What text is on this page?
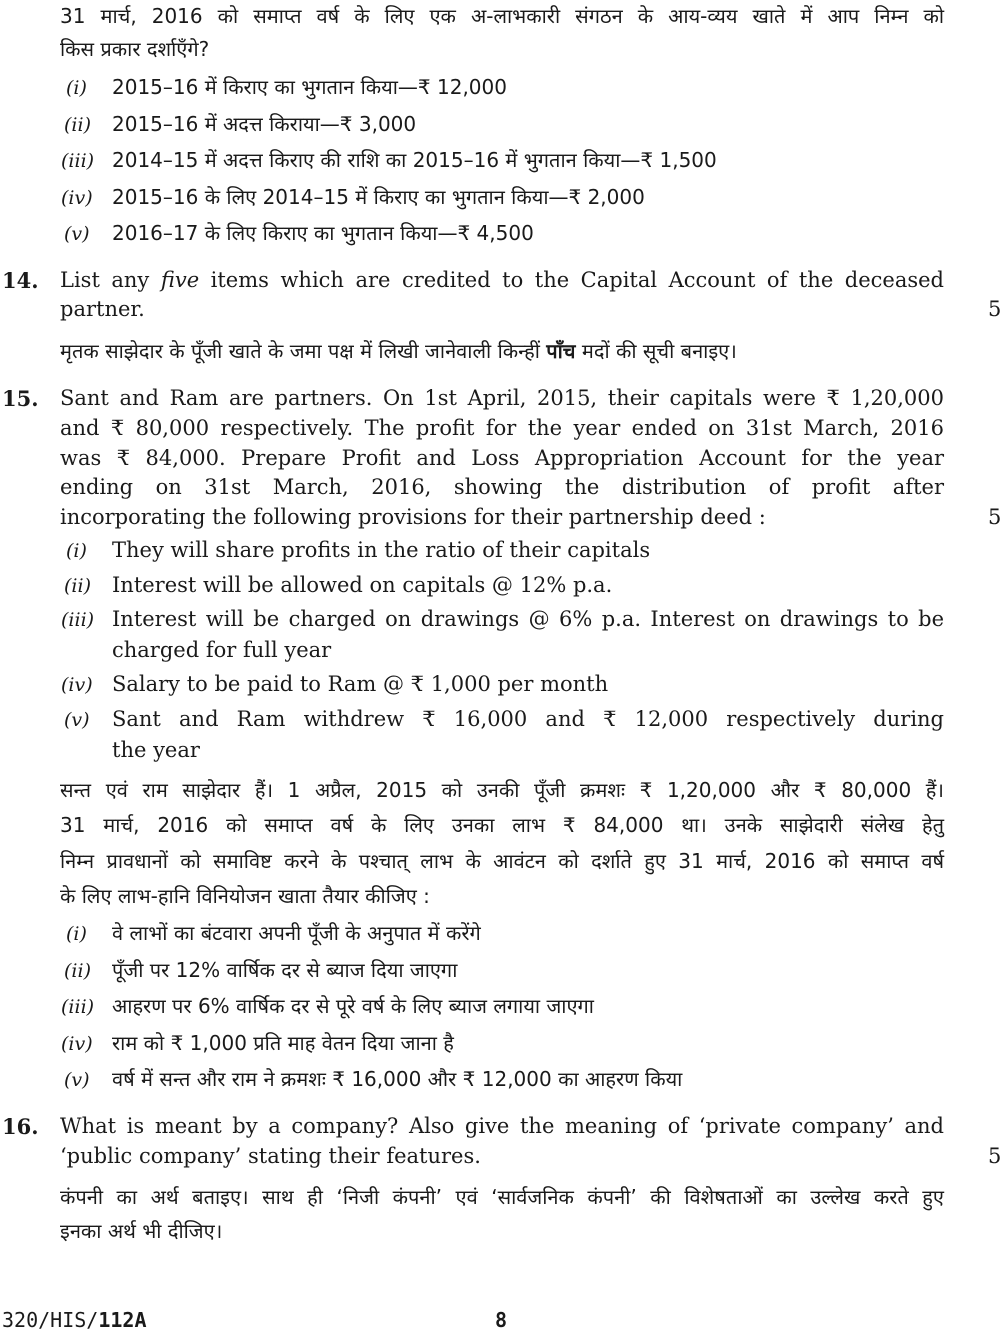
31 मार्च, 2016 को समाप्त वर्ष के लिए एक अ-लाभकारी संगठन के आय-व्यय खाते में आप निम्न को
किस प्रकार दर्शाएँगे?
(i) 2015–16 में किराए का भुगतान किया—₹ 12,000
(ii) 2015–16 में अदत्त किराया—₹ 3,000
(iii) 2014–15 में अदत्त किराए की राशि का 2015–16 में भुगतान किया—₹ 1,500
(iv) 2015–16 के लिए 2014–15 में किराए का भुगतान किया—₹ 2,000
(v) 2016–17 के लिए किराए का भुगतान किया—₹ 4,500
14. List any five items which are credited to the Capital Account of the deceased
partner.	5
मृतक साझेदार के पूँजी खाते के जमा पक्ष में लिखी जानेवाली किन्हीं पाँच मदों की सूची बनाइए।
15. Sant and Ram are partners. On 1st April, 2015, their capitals were ₹ 1,20,000
and ₹ 80,000 respectively. The profit for the year ended on 31st March, 2016
was ₹ 84,000. Prepare Profit and Loss Appropriation Account for the year
ending on 31st March, 2016, showing the distribution of profit after
incorporating the following provisions for their partnership deed :	5
(i) They will share profits in the ratio of their capitals
(ii) Interest will be allowed on capitals @ 12% p.a.
(iii) Interest will be charged on drawings @ 6% p.a. Interest on drawings to be
charged for full year
(iv) Salary to be paid to Ram @ ₹ 1,000 per month
(v) Sant and Ram withdrew ₹ 16,000 and ₹ 12,000 respectively during
the year
सन्त एवं राम साझेदार हैं। 1 अप्रैल, 2015 को उनकी पूँजी क्रमशः ₹ 1,20,000 और ₹ 80,000 हैं।
31 मार्च, 2016 को समाप्त वर्ष के लिए उनका लाभ ₹ 84,000 था। उनके साझेदारी संलेख हेतु
निम्न प्रावधानों को समाविष्ट करने के पश्चात् लाभ के आवंटन को दर्शाते हुए 31 मार्च, 2016 को समाप्त वर्ष
के लिए लाभ-हानि विनियोजन खाता तैयार कीजिए :
(i) वे लाभों का बंटवारा अपनी पूँजी के अनुपात में करेंगे
(ii) पूँजी पर 12% वार्षिक दर से ब्याज दिया जाएगा
(iii) आहरण पर 6% वार्षिक दर से पूरे वर्ष के लिए ब्याज लगाया जाएगा
(iv) राम को ₹ 1,000 प्रति माह वेतन दिया जाना है
(v) वर्ष में सन्त और राम ने क्रमशः ₹ 16,000 और ₹ 12,000 का आहरण किया
16. What is meant by a company? Also give the meaning of ‘private company’ and
‘public company’ stating their features.	5
कंपनी का अर्थ बताइए। साथ ही ‘निजी कंपनी’ एवं ‘सार्वजनिक कंपनी’ की विशेषताओं का उल्लेख करते हुए
इनका अर्थ भी दीजिए।
320/HIS/112A	8
